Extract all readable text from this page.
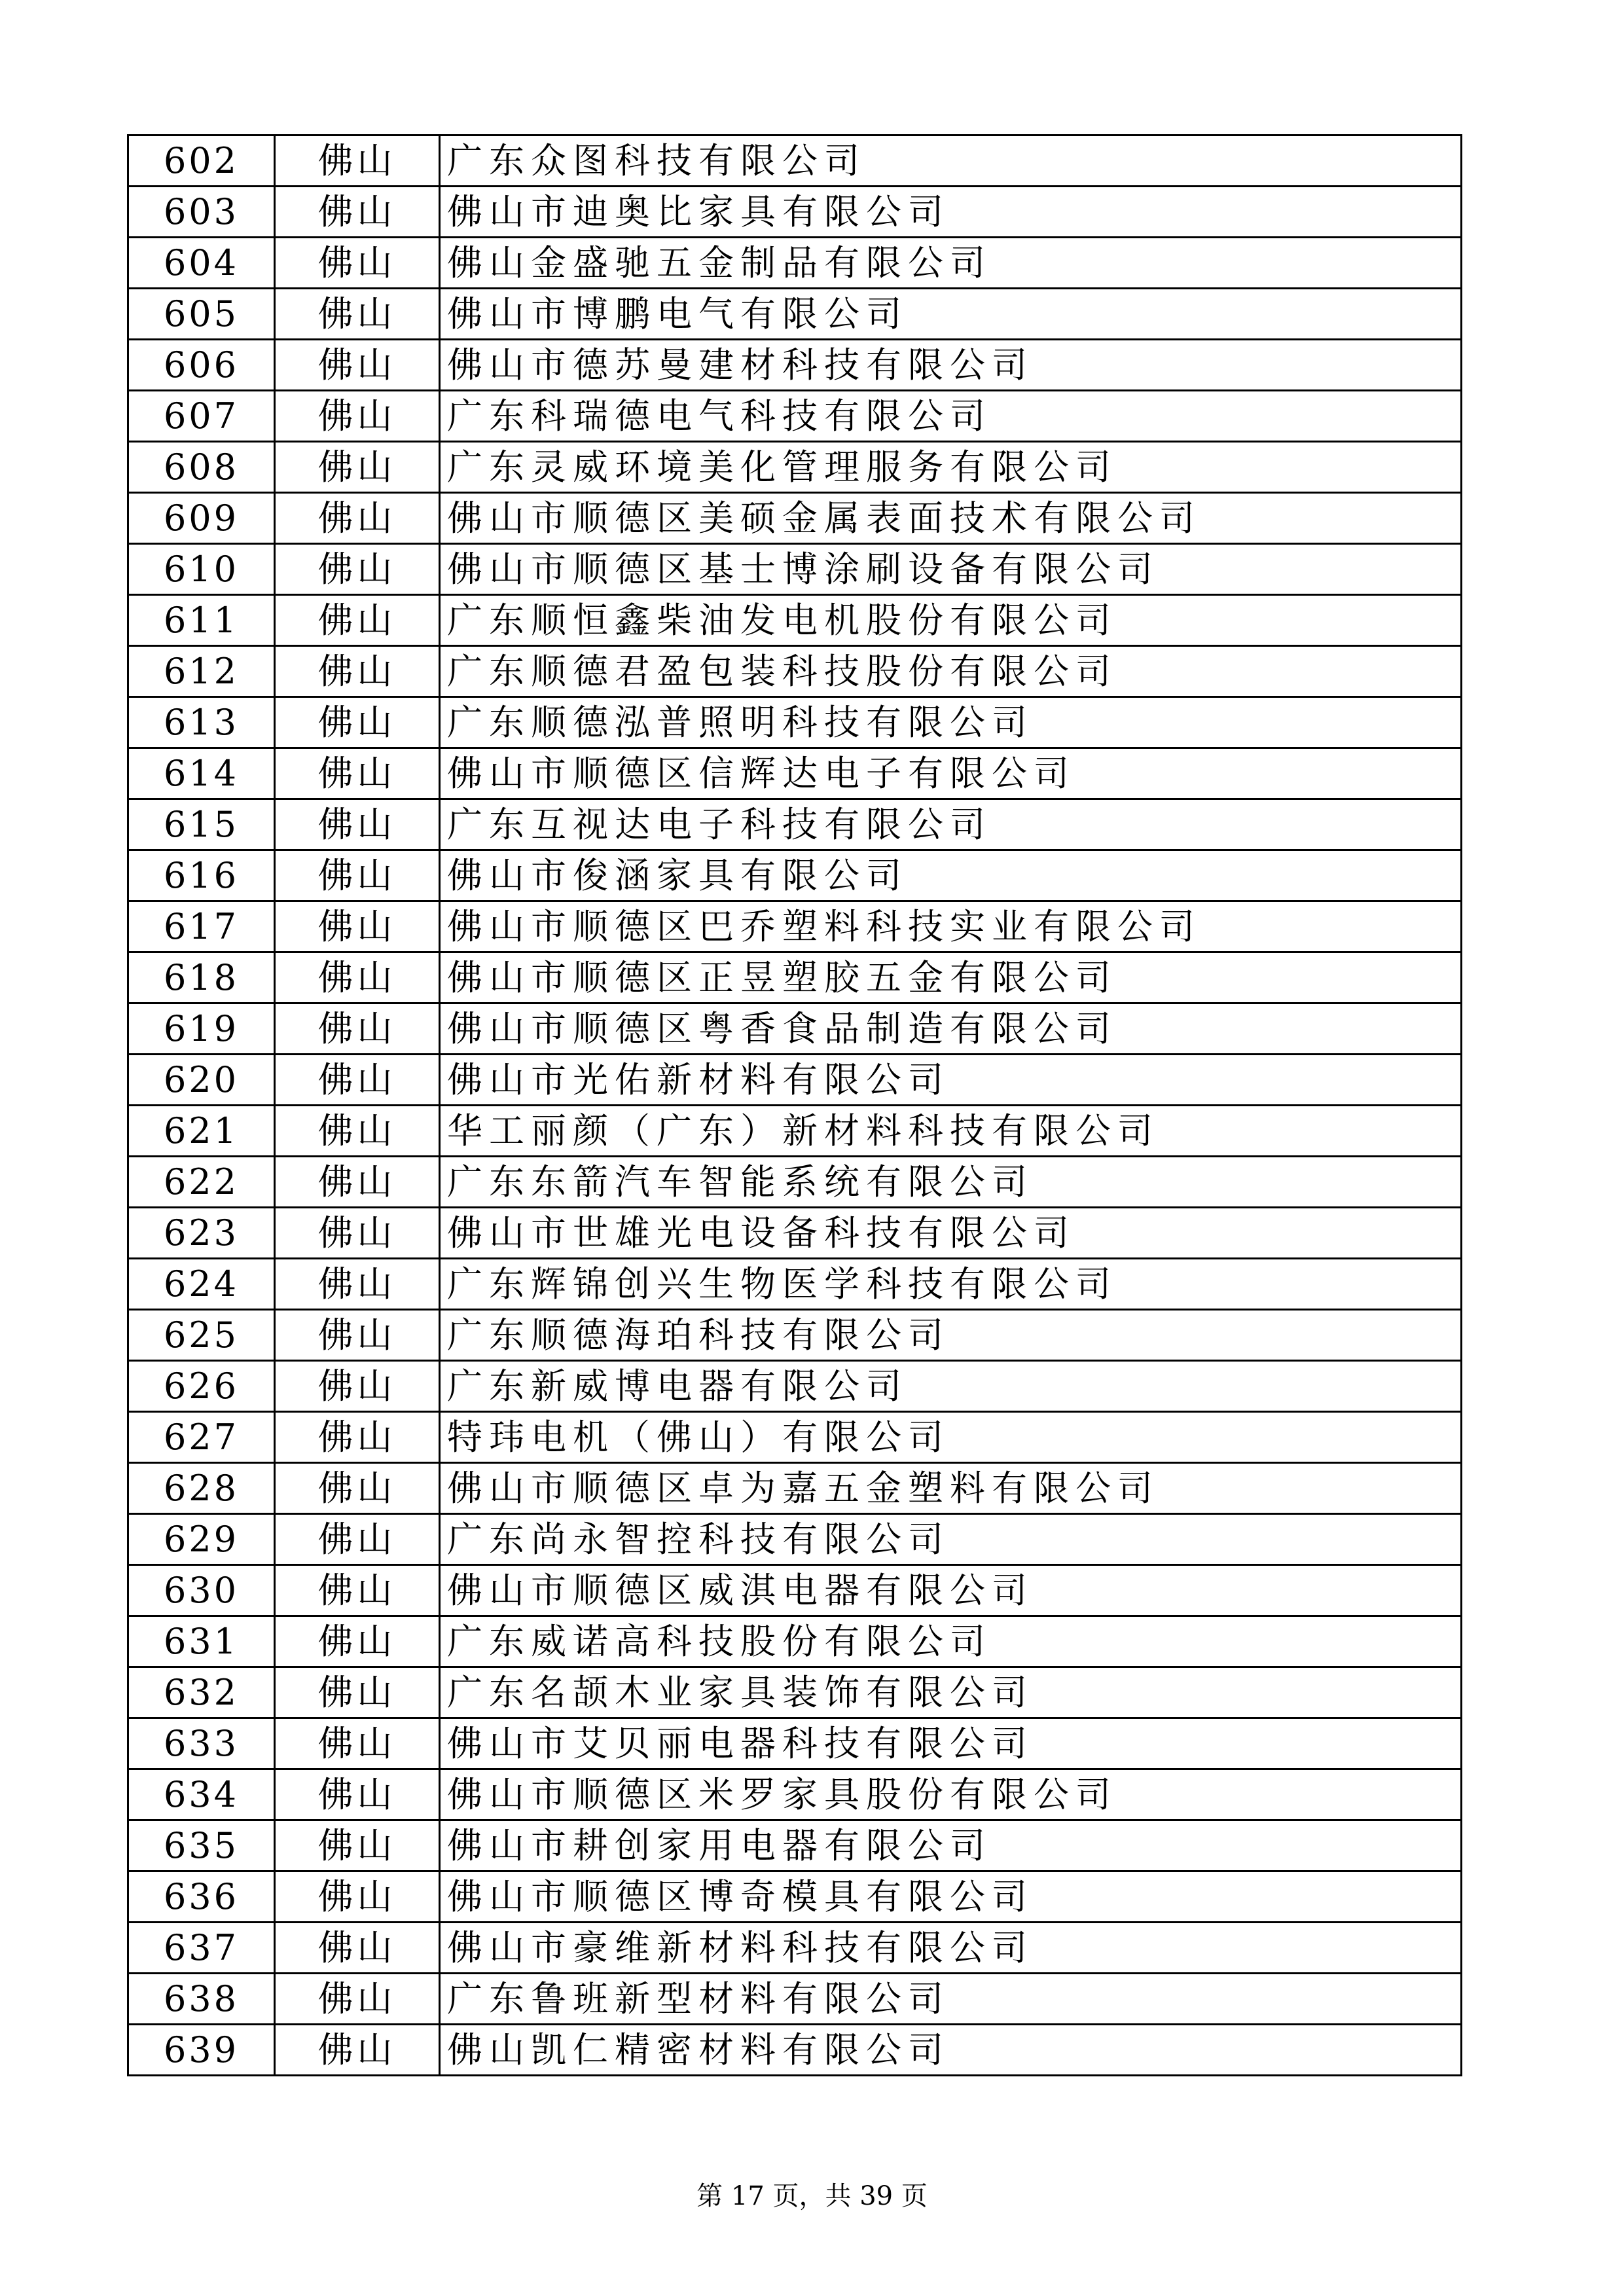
602	佛山	广东众图科技有限公司
603	佛山	佛山市迪奥比家具有限公司
604	佛山	佛山金盛驰五金制品有限公司
605	佛山	佛山市博鹏电气有限公司
606	佛山	佛山市德苏曼建材科技有限公司
607	佛山	广东科瑞德电气科技有限公司
608	佛山	广东灵威环境美化管理服务有限公司
609	佛山	佛山市顺德区美硕金属表面技术有限公司
610	佛山	佛山市顺德区基士博涂刷设备有限公司
611	佛山	广东顺恒鑫柴油发电机股份有限公司
612	佛山	广东顺德君盈包装科技股份有限公司
613	佛山	广东顺德泓普照明科技有限公司
614	佛山	佛山市顺德区信辉达电子有限公司
615	佛山	广东互视达电子科技有限公司
616	佛山	佛山市俊涵家具有限公司
617	佛山	佛山市顺德区巴乔塑料科技实业有限公司
618	佛山	佛山市顺德区正昱塑胶五金有限公司
619	佛山	佛山市顺德区粤香食品制造有限公司
620	佛山	佛山市光佑新材料有限公司
621	佛山	华工丽颜（广东）新材料科技有限公司
622	佛山	广东东箭汽车智能系统有限公司
623	佛山	佛山市世雄光电设备科技有限公司
624	佛山	广东辉锦创兴生物医学科技有限公司
625	佛山	广东顺德海珀科技有限公司
626	佛山	广东新威博电器有限公司
627	佛山	特玮电机（佛山）有限公司
628	佛山	佛山市顺德区卓为嘉五金塑料有限公司
629	佛山	广东尚永智控科技有限公司
630	佛山	佛山市顺德区威淇电器有限公司
631	佛山	广东威诺高科技股份有限公司
632	佛山	广东名颉木业家具装饰有限公司
633	佛山	佛山市艾贝丽电器科技有限公司
634	佛山	佛山市顺德区米罗家具股份有限公司
635	佛山	佛山市耕创家用电器有限公司
636	佛山	佛山市顺德区博奇模具有限公司
637	佛山	佛山市豪维新材料科技有限公司
638	佛山	广东鲁班新型材料有限公司
639	佛山	佛山凯仁精密材料有限公司
第 17 页，共 39 页
